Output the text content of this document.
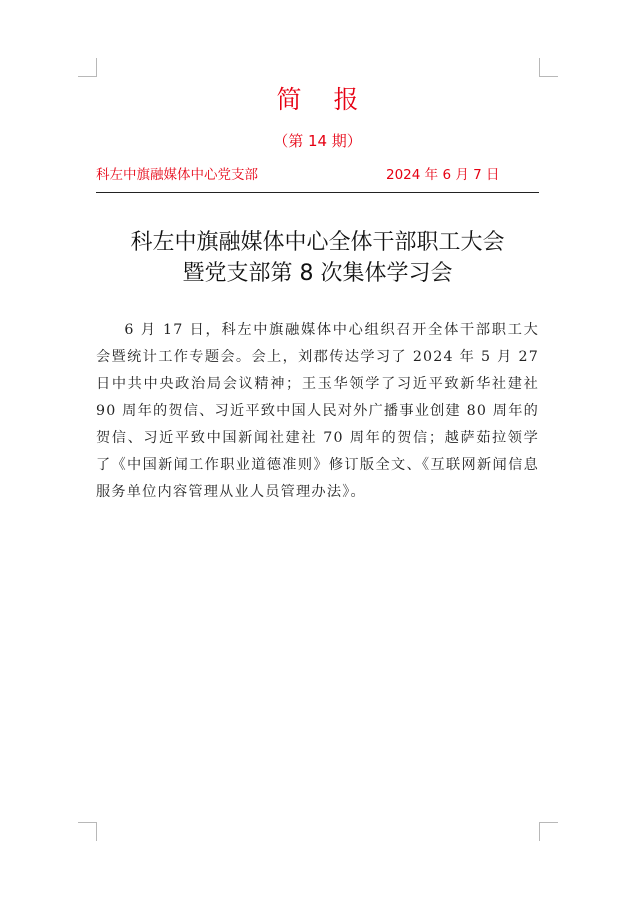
简 报
（第 14 期）
科左中旗融媒体中心党支部	2024 年 6 月 7 日
科左中旗融媒体中心全体干部职工大会
暨党支部第 8 次集体学习会

6 月 17 日，科左中旗融媒体中心组织召开全体干部职工大会暨统计工作专题会。会上，刘郡传达学习了 2024 年 5 月 27 日中共中央政治局会议精神；王玉华领学了习近平致新华社建社 90 周年的贺信、习近平致中国人民对外广播事业创建 80 周年的贺信、习近平致中国新闻社建社 70 周年的贺信；越萨茹拉领学了《中国新闻工作职业道德准则》修订版全文、《互联网新闻信息服务单位内容管理从业人员管理办法》。
